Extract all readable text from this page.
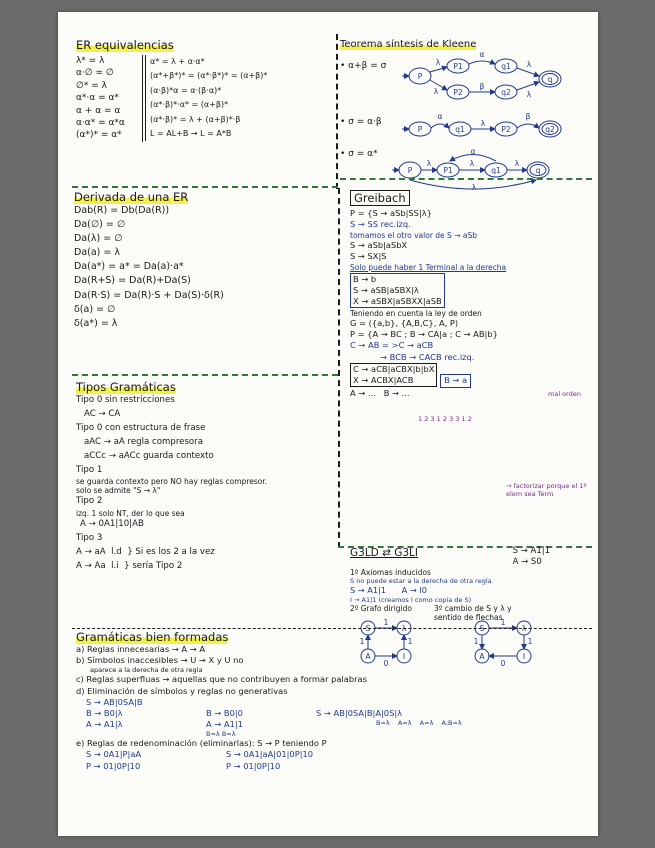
ER equivalencias
λ* = λ
α·∅ = ∅
∅* = λ
α*·α = α*
α + α = α
α·α* = α*α
(α*)* = α*
α* = λ + α·α*
(α*+β*)* = (α*·β*)* = (α+β)*
(α·β)*α = α·(β·α)*
(α*·β)*·α* = (α+β)*
(α*·β)* = λ + (α+β)*·β
L = AL+B → L = A*B
Teorema síntesis de Kleene
• α+β = σ
• σ = α·β
• σ = α*
P
P1	q1
P2	q2
q
λ
λ
α
β
λ
λ
P	q1	P2	q2
α
λ
β
P	P1	q1	q
λ	λ
α
λ
λ
Derivada de una ER
Dab(R) = Db(Da(R))
Da(∅) = ∅
Da(λ) = ∅
Da(a) = λ
Da(a*) = a* = Da(a)·a*
Da(R+S) = Da(R)+Da(S)
Da(R·S) = Da(R)·S + Da(S)·δ(R)
δ(a) = ∅
δ(a*) = λ
Greibach
P = {S → aSb|SS|λ}
S → SS rec.izq.
tomamos el otro valor de S → aSb
S → aSb|aSbX
S → SX|S
Solo puede haber 1 Terminal a la derecha
B → b
S → aSB|aSBX|λ
X → aSBX|aSBXX|aSB
Teniendo en cuenta la ley de orden
G = ({a,b}, {A,B,C}, A, P)
P = {A → BC ; B → CA|a ; C → AB|b}
C → AB = >C → aCB
→ BCB → CACB rec.izq.
C → aCB|aCBX|b|bX
X → ACBX|ACB	B → a
A → ...   B → ...
→ factorizar porque el 1º elem sea Term
mal orden
1 2 3 1 2 3 3 1 2
Tipos Gramáticas
Tipo 0 sin restricciones
AC → CA
Tipo 0 con estructura de frase
aAC → aA regla compresora
aCCc → aACc guarda contexto
Tipo 1
se guarda contexto pero NO hay reglas compresor.
solo se admite "S → λ"
Tipo 2
izq. 1 solo NT, der lo que sea
A → 0A1|10|AB
Tipo 3
A → aA  l.d  } Si es los 2 a la vez
A → Aa  l.i  } sería Tipo 2
G3LD ⇄ G3LI	S → A1|1
A → S0
1º Axiomas inducidos
S no puede estar a la derecha de otra regla
S → A1|1      A → I0
I → A1|1 (creamos I como copia de S)
2º Grafo dirigido	3º cambio de S y λ y sentido de flechas
S	λ
A	I
1
1
0
1
S	λ
A	I
1
1
0
1
Gramáticas bien formadas
a) Reglas innecesarias → A → A
b) Símbolos inaccesibles → U → X y U no
aparece a la derecha de otra regla
c) Reglas superfluas → aquellas que no contribuyen a formar palabras
d) Eliminación de símbolos y reglas no generativas
S → AB|0SA|B
B → B0|λ
A → A1|λ
B → B0|0
A → A1|1
B=λ B=λ
S → AB|0SA|B|A|0S|λ
B=λ A=λ A=λ A:B=λ
e) Reglas de redenominación (eliminarlas): S → P teniendo P
S → 0A1|P|aA
P → 01|0P|10
S → 0A1|aA|01|0P|10
P → 01|0P|10
